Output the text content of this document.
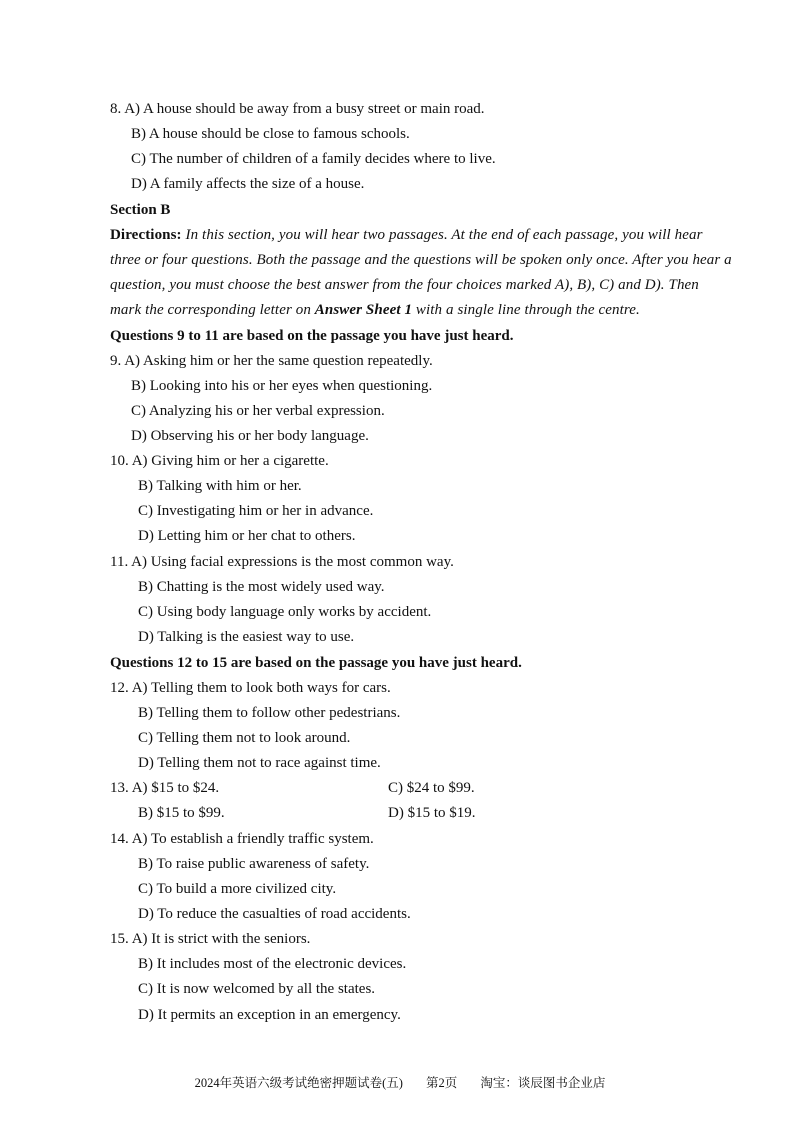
8. A) A house should be away from a busy street or main road.
B) A house should be close to famous schools.
C) The number of children of a family decides where to live.
D) A family affects the size of a house.
Section B
Directions: In this section, you will hear two passages. At the end of each passage, you will hear
three or four questions. Both the passage and the questions will be spoken only once. After you hear a
question, you must choose the best answer from the four choices marked A), B), C) and D). Then
mark the corresponding letter on Answer Sheet 1 with a single line through the centre.
Questions 9 to 11 are based on the passage you have just heard.
9. A) Asking him or her the same question repeatedly.
B) Looking into his or her eyes when questioning.
C) Analyzing his or her verbal expression.
D) Observing his or her body language.
10. A) Giving him or her a cigarette.
B) Talking with him or her.
C) Investigating him or her in advance.
D) Letting him or her chat to others.
11. A) Using facial expressions is the most common way.
B) Chatting is the most widely used way.
C) Using body language only works by accident.
D) Talking is the easiest way to use.
Questions 12 to 15 are based on the passage you have just heard.
12. A) Telling them to look both ways for cars.
B) Telling them to follow other pedestrians.
C) Telling them not to look around.
D) Telling them not to race against time.
13. A) $15 to $24.	C) $24 to $99.
B) $15 to $99.	D) $15 to $19.
14. A) To establish a friendly traffic system.
B) To raise public awareness of safety.
C) To build a more civilized city.
D) To reduce the casualties of road accidents.
15. A) It is strict with the seniors.
B) It includes most of the electronic devices.
C) It is now welcomed by all the states.
D) It permits an exception in an emergency.
2024年英语六级考试绝密押题试卷(五) 第2页 淘宝：谈辰图书企业店
